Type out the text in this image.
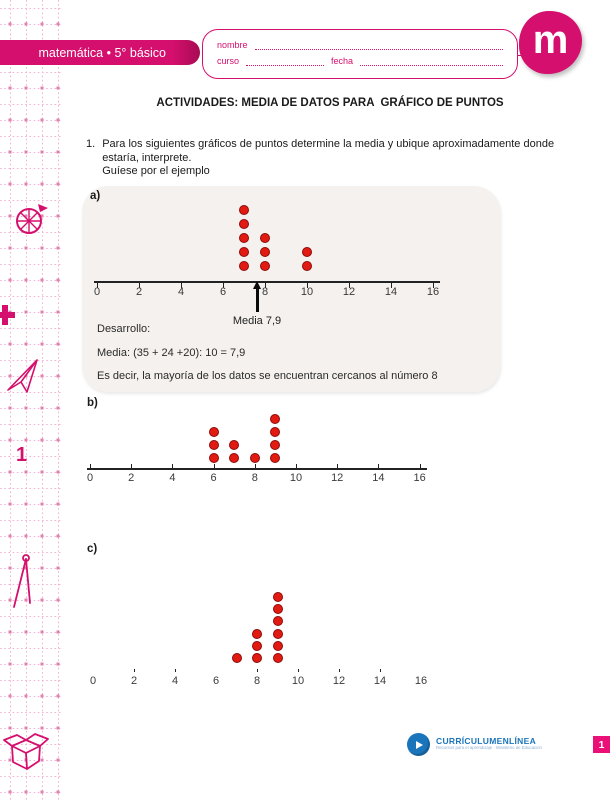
1
matemática • 5° básico
nombre
curso	fecha	m
ACTIVIDADES: MEDIA DE DATOS PARA  GRÁFICO DE PUNTOS
1. Para los siguientes gráficos de puntos determine la media y ubique aproximadamente donde
estaría, interprete.
Guíese por el ejemplo
a)
0	2	4	6	8	10	12	14	16
Media 7,9
Desarrollo:
Media: (35 + 24 +20): 10 = 7,9
Es decir, la mayoría de los datos se encuentran cercanos al número 8
b)
0	2	4	6	8	10	12	14	16
c)
0	2	4	6	8	10	12	14	16
CURRÍCULUMENLÍNEA
Recursos para el aprendizaje · Ministerio de Educación	1
